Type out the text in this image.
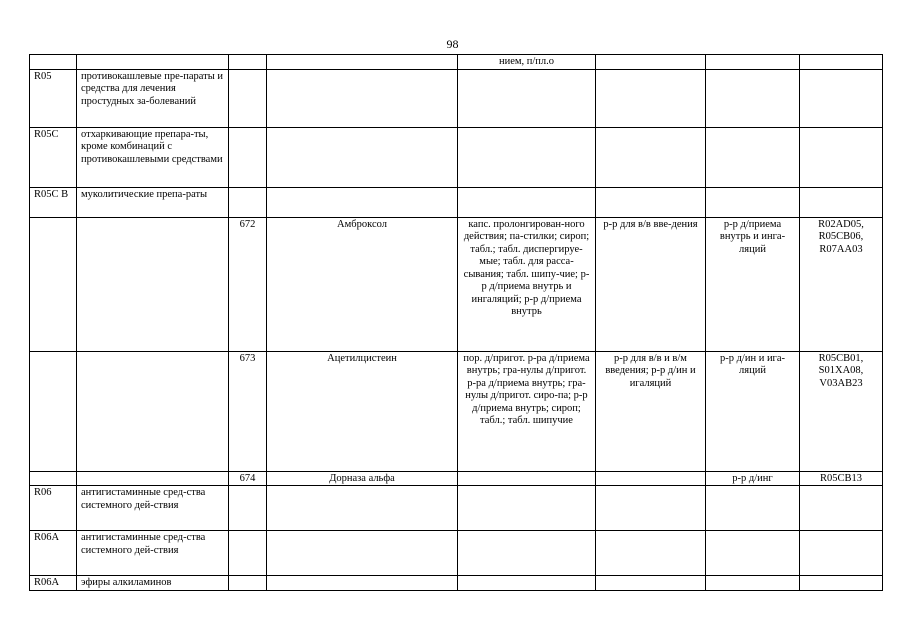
98
				нием, п/пл.о			
R05	противокашлевые пре-параты и средства для лечения простудных за-болеваний						
R05C	отхаркивающие препара-ты, кроме комбинаций с противокашлевыми средствами						
R05C В	муколитические препа-раты						
		672	Амброксол	капс. пролонгирован-ного действия; па-стилки; сироп; табл.; табл. диспергируе-мые; табл. для расса-сывания; табл. шипу-чие; р-р д/приема внутрь и ингаляций; р-р д/приема внутрь	р-р для в/в вве-дения	р-р д/приема внутрь и инга-ляций	R02AD05, R05CB06, R07AA03
		673	Ацетилцистеин	пор. д/пригот. р-ра д/приема внутрь; гра-нулы д/пригот. р-ра д/приема внутрь; гра-нулы д/пригот. сиро-па; р-р д/приема внутрь; сироп; табл.; табл. шипучие	р-р для в/в и в/м введения; р-р д/ин и игаляций	р-р д/ин и ига-ляций	R05CB01, S01XA08, V03AB23
		674	Дорназа альфа			р-р д/инг	R05CB13
R06	антигистаминные сред-ства системного дей-ствия						
R06A	антигистаминные сред-ства системного дей-ствия						
R06A	эфиры алкиламинов						
